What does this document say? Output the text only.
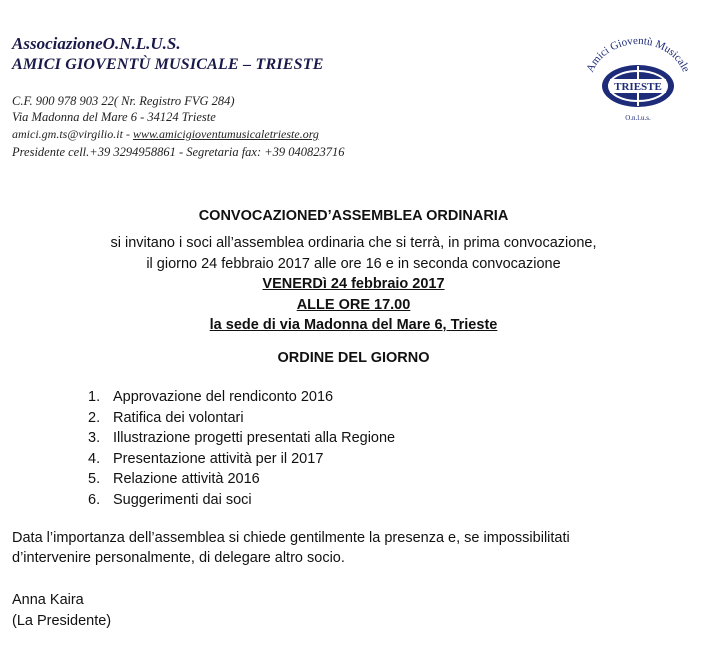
AssociazioneO.N.L.U.S.
AMICI GIOVENTÙ MUSICALE – TRIESTE
C.F. 900 978 903 22( Nr. Registro FVG 284)
Via Madonna del Mare 6 - 34124 Trieste
amici.gm.ts@virgilio.it - www.amicigioventumusicaletrieste.org
Presidente cell.+39 3294958861 - Segretaria fax: +39 040823716
Amici Gioventù Musicale
TRIESTE
O.n.l.u.s.
CONVOCAZIONED’ASSEMBLEA ORDINARIA
si invitano i soci all’assemblea ordinaria che si terrà, in prima convocazione,
il giorno 24 febbraio 2017 alle ore 16 e in seconda convocazione
VENERDì 24 febbraio 2017
ALLE ORE 17.00
la sede di via Madonna del Mare 6, Trieste
ORDINE DEL GIORNO
1. Approvazione del rendiconto 2016
2. Ratifica dei volontari
3. Illustrazione progetti presentati alla Regione
4. Presentazione attività per il 2017
5. Relazione attività 2016
6. Suggerimenti dai soci
Data l’importanza dell’assemblea si chiede gentilmente la presenza e, se impossibilitati
d’intervenire personalmente, di delegare altro socio.
Anna Kaira
(La Presidente)
